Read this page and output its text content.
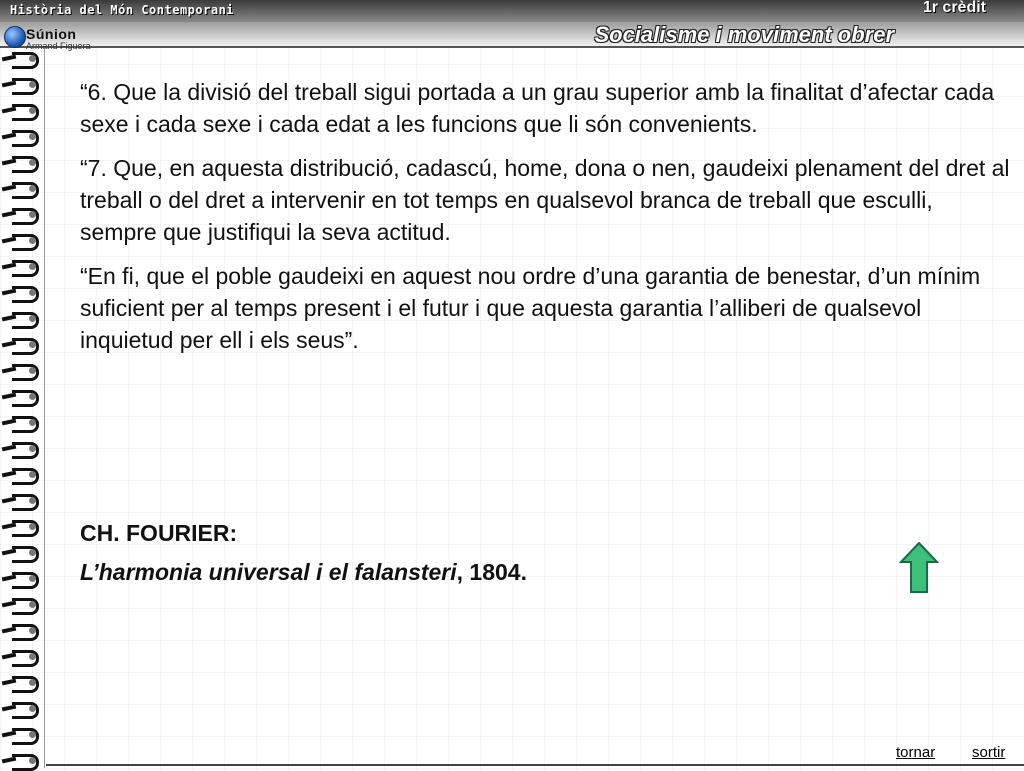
Història del Món Contemporani	1r crèdit
Socialisme i moviment obrer
Súnion
Armand Figuera

“6. Que la divisió del treball sigui portada a un grau superior amb la finalitat d’afectar cada sexe i cada sexe i cada edat a les funcions que li són convenients.

“7. Que, en aquesta distribució, cadascú, home, dona o nen, gaudeixi plenament del dret al treball o del dret a intervenir en tot temps en qualsevol branca de treball que esculli, sempre que justifiqui la seva actitud.

“En fi, que el poble gaudeixi en aquest nou ordre d’una garantia de benestar, d’un mínim suficient per al temps present i el futur i que aquesta garantia l’alliberi de qualsevol inquietud per ell i els seus”.

CH. FOURIER:
L’harmonia universal i el falansteri, 1804.
tornar sortir
